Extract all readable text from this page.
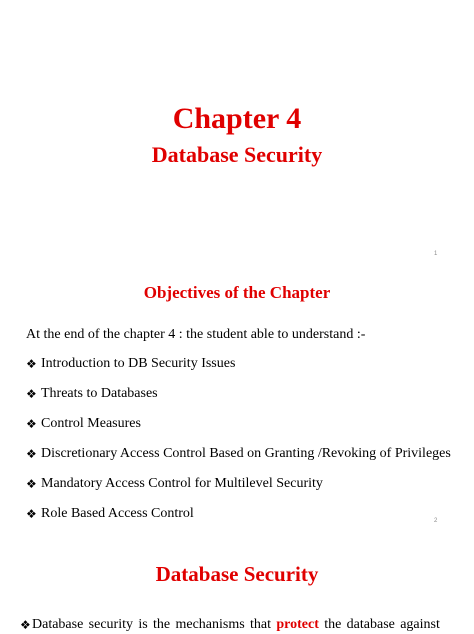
Chapter 4
Database Security
1
Objectives of the Chapter
At the end of the chapter 4 : the student able to understand :-
❖ Introduction to DB Security Issues
❖ Threats to Databases
❖ Control Measures
❖ Discretionary Access Control Based on Granting /Revoking of Privileges
❖ Mandatory Access Control for Multilevel Security
❖ Role Based Access Control	2
Database Security
❖ Database security is the mechanisms that protect the database against
